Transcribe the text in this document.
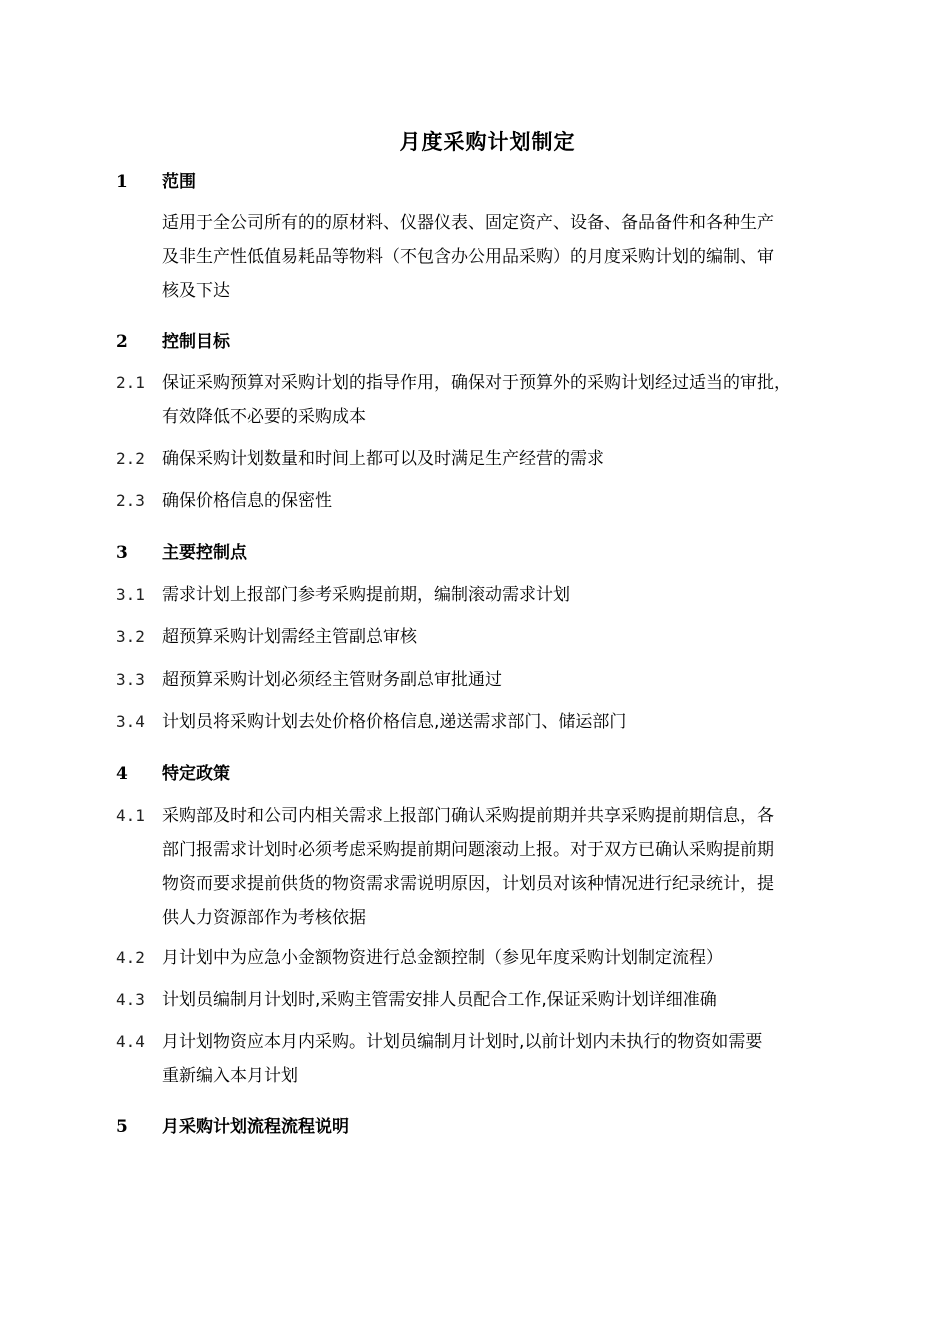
月度采购计划制定
1	范围
适用于全公司所有的的原材料、仪器仪表、固定资产、设备、备品备件和各种生产
及非生产性低值易耗品等物料（不包含办公用品采购）的月度采购计划的编制、审
核及下达
2	控制目标
2.1	保证采购预算对采购计划的指导作用，确保对于预算外的采购计划经过适当的审批，
有效降低不必要的采购成本
2.2	确保采购计划数量和时间上都可以及时满足生产经营的需求
2.3	确保价格信息的保密性
3	主要控制点
3.1	需求计划上报部门参考采购提前期，编制滚动需求计划
3.2	超预算采购计划需经主管副总审核
3.3	超预算采购计划必须经主管财务副总审批通过
3.4	计划员将采购计划去处价格价格信息,递送需求部门、储运部门
4	特定政策
4.1	采购部及时和公司内相关需求上报部门确认采购提前期并共享采购提前期信息，各
部门报需求计划时必须考虑采购提前期问题滚动上报。对于双方已确认采购提前期
物资而要求提前供货的物资需求需说明原因，计划员对该种情况进行纪录统计，提
供人力资源部作为考核依据
4.2	月计划中为应急小金额物资进行总金额控制（参见年度采购计划制定流程）
4.3	计划员编制月计划时,采购主管需安排人员配合工作,保证采购计划详细准确
4.4	月计划物资应本月内采购。计划员编制月计划时,以前计划内未执行的物资如需要
重新编入本月计划
5	月采购计划流程流程说明
